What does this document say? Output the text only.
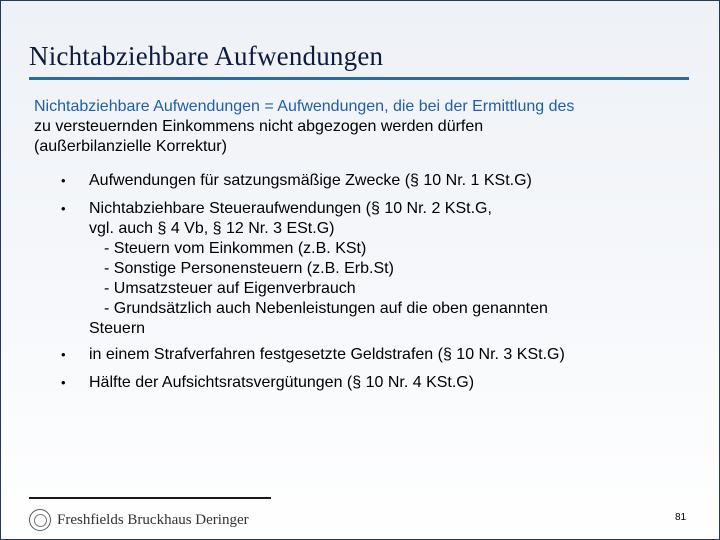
Nichtabziehbare Aufwendungen

Nichtabziehbare Aufwendungen = Aufwendungen, die bei der Ermittlung des
zu versteuernden Einkommens nicht abgezogen werden dürfen
(außerbilanzielle Korrektur)

• Aufwendungen für satzungsmäßige Zwecke (§ 10 Nr. 1 KSt.G)
• Nichtabziehbare Steueraufwendungen (§ 10 Nr. 2 KSt.G,
vgl. auch § 4 Vb, § 12 Nr. 3 ESt.G)
- Steuern vom Einkommen (z.B. KSt)
- Sonstige Personensteuern (z.B. Erb.St)
- Umsatzsteuer auf Eigenverbrauch
- Grundsätzlich auch Nebenleistungen auf die oben genannten
Steuern
• in einem Strafverfahren festgesetzte Geldstrafen (§ 10 Nr. 3 KSt.G)
• Hälfte der Aufsichtsratsvergütungen (§ 10 Nr. 4 KSt.G)
Freshfields Bruckhaus Deringer	81
